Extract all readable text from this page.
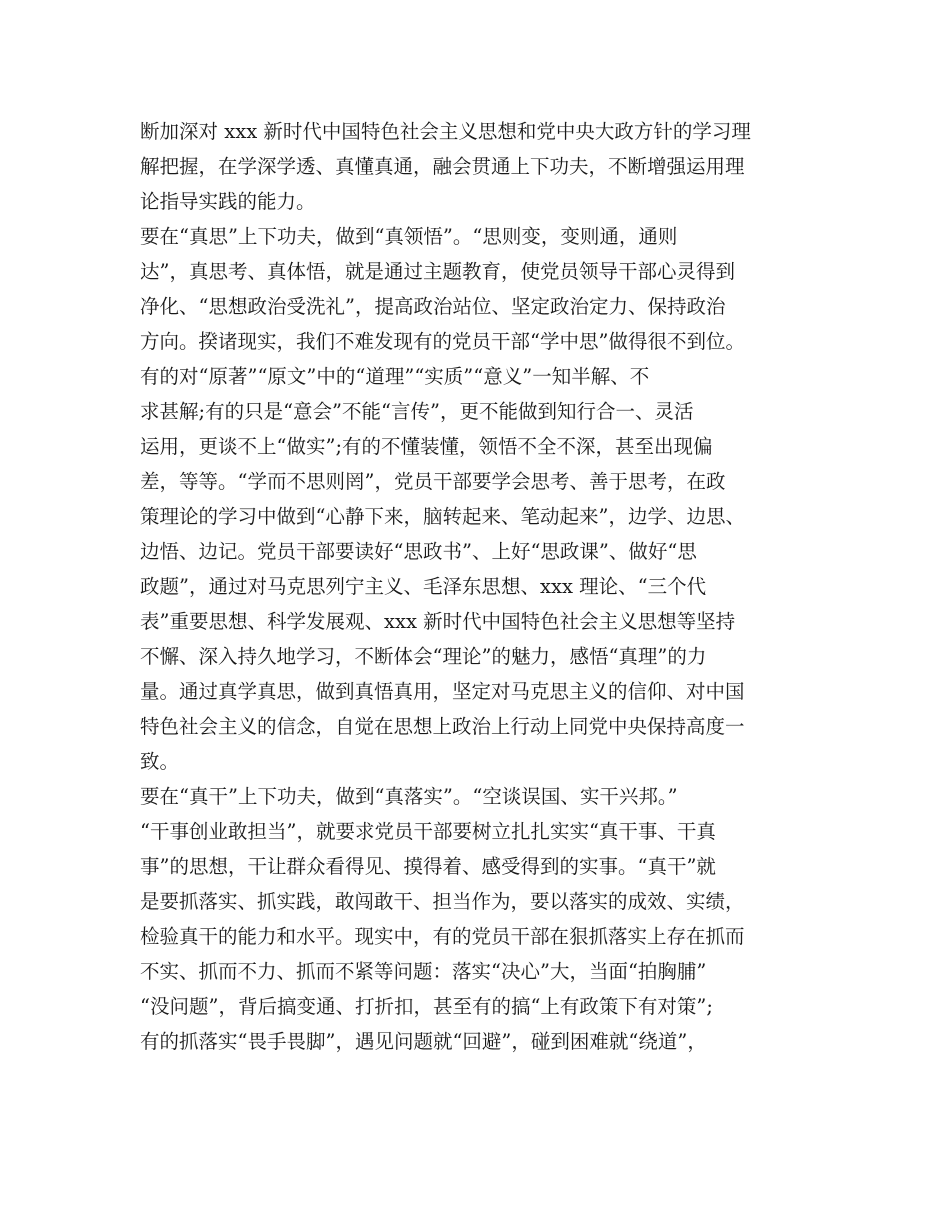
断加深对 xxx 新时代中国特色社会主义思想和党中央大政方针的学习理
解把握，在学深学透、真懂真通，融会贯通上下功夫，不断增强运用理
论指导实践的能力。
要在“真思”上下功夫，做到“真领悟”。“思则变，变则通，通则
达”，真思考、真体悟，就是通过主题教育，使党员领导干部心灵得到
净化、“思想政治受洗礼”，提高政治站位、坚定政治定力、保持政治
方向。揆诸现实，我们不难发现有的党员干部“学中思”做得很不到位。
有的对“原著”“原文”中的“道理”“实质”“意义”一知半解、不
求甚解;有的只是“意会”不能“言传”，更不能做到知行合一、灵活
运用，更谈不上“做实”;有的不懂装懂，领悟不全不深，甚至出现偏
差，等等。“学而不思则罔”，党员干部要学会思考、善于思考，在政
策理论的学习中做到“心静下来，脑转起来、笔动起来”，边学、边思、
边悟、边记。党员干部要读好“思政书”、上好“思政课”、做好“思
政题”，通过对马克思列宁主义、毛泽东思想、xxx 理论、“三个代
表”重要思想、科学发展观、xxx 新时代中国特色社会主义思想等坚持
不懈、深入持久地学习，不断体会“理论”的魅力，感悟“真理”的力
量。通过真学真思，做到真悟真用，坚定对马克思主义的信仰、对中国
特色社会主义的信念，自觉在思想上政治上行动上同党中央保持高度一
致。
要在“真干”上下功夫，做到“真落实”。“空谈误国、实干兴邦。”
“干事创业敢担当”，就要求党员干部要树立扎扎实实“真干事、干真
事”的思想，干让群众看得见、摸得着、感受得到的实事。“真干”就
是要抓落实、抓实践，敢闯敢干、担当作为，要以落实的成效、实绩，
检验真干的能力和水平。现实中，有的党员干部在狠抓落实上存在抓而
不实、抓而不力、抓而不紧等问题：落实“决心”大，当面“拍胸脯”
“没问题”，背后搞变通、打折扣，甚至有的搞“上有政策下有对策”;
有的抓落实“畏手畏脚”，遇见问题就“回避”，碰到困难就“绕道”，
